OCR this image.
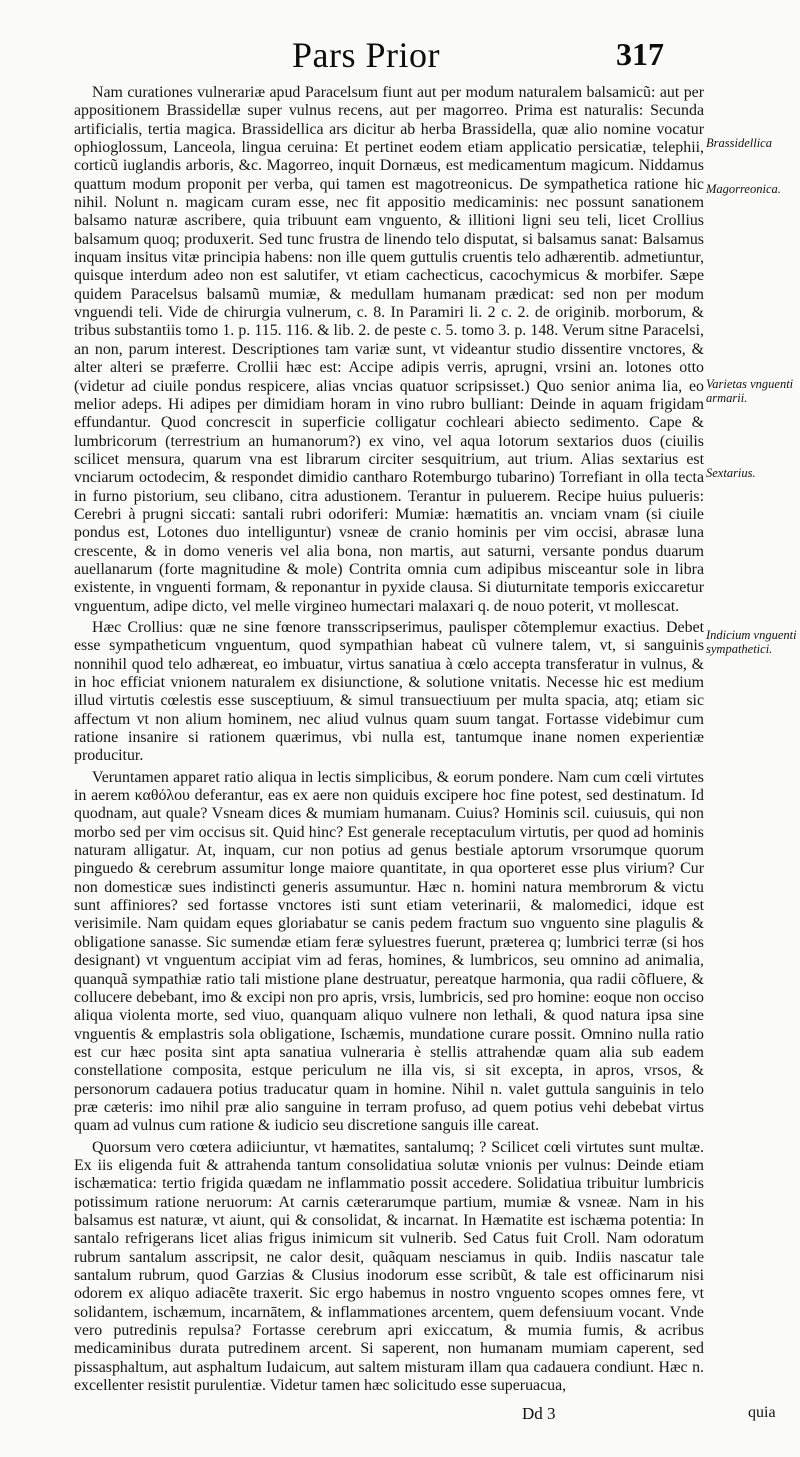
Pars Prior	317

Nam curationes vulnerariæ apud Paracelsum fiunt aut per modum naturalem balsamicũ: aut per appositionem Brassidellæ super vulnus recens, aut per magorreo. Prima est naturalis: Secunda artificialis, tertia magica. Brassidellica ars dicitur ab herba Brassidella, quæ alio nomine vocatur ophioglossum, Lanceola, lingua ceruina: Et pertinet eodem etiam applicatio persicatiæ, telephii, corticũ iuglandis arboris, &c. Magorreo, inquit Dornæus, est medicamentum magicum. Niddamus quattum modum proponit per verba, qui tamen est magotreonicus. De sympathetica ratione hic nihil. Nolunt n. magicam curam esse, nec fit appositio medicaminis: nec possunt sanationem balsamo naturæ ascribere, quia tribuunt eam vnguento, & illitioni ligni seu teli, licet Crollius balsamum quoq; produxerit. Sed tunc frustra de linendo telo disputat, si balsamus sanat: Balsamus inquam insitus vitæ principia habens: non ille quem guttulis cruentis telo adhærentib. admetiuntur, quisque interdum adeo non est salutifer, vt etiam cachecticus, cacochymicus & morbifer. Sæpe quidem Paracelsus balsamũ mumiæ, & medullam humanam prædicat: sed non per modum vnguendi teli. Vide de chirurgia vulnerum, c. 8. In Paramiri li. 2 c. 2. de originib. morborum, & tribus substantiis tomo 1. p. 115. 116. & lib. 2. de peste c. 5. tomo 3. p. 148. Verum sitne Paracelsi, an non, parum interest. Descriptiones tam variæ sunt, vt videantur studio dissentire vnctores, & alter alteri se præferre. Crollii hæc est: Accipe adipis verris, aprugni, vrsini an. lotones otto (videtur ad ciuile pondus respicere, alias vncias quatuor scripsisset.) Quo senior anima lia, eo melior adeps. Hi adipes per dimidiam horam in vino rubro bulliant: Deinde in aquam frigidam effundantur. Quod concrescit in superficie colligatur cochleari abiecto sedimento. Cape & lumbricorum (terrestrium an humanorum?) ex vino, vel aqua lotorum sextarios duos (ciuilis scilicet mensura, quarum vna est librarum circiter sesquitrium, aut trium. Alias sextarius est vnciarum octodecim, & respondet dimidio cantharo Rotemburgo tubarino) Torrefiant in olla tecta in furno pistorium, seu clibano, citra adustionem. Terantur in puluerem. Recipe huius pulueris: Cerebri à prugni siccati: santali rubri odoriferi: Mumiæ: hæmatitis an. vnciam vnam (si ciuile pondus est, Lotones duo intelliguntur) vsneæ de cranio hominis per vim occisi, abrasæ luna crescente, & in domo veneris vel alia bona, non martis, aut saturni, versante pondus duarum auellanarum (forte magnitudine & mole) Contrita omnia cum adipibus misceantur sole in libra existente, in vnguenti formam, & reponantur in pyxide clausa. Si diuturnitate temporis exiccaretur vnguentum, adipe dicto, vel melle virgineo humectari malaxari q. de nouo poterit, vt mollescat.

Hæc Crollius: quæ ne sine fœnore transscripserimus, paulisper cõtemplemur exactius. Debet esse sympatheticum vnguentum, quod sympathian habeat cũ vulnere talem, vt, si sanguinis nonnihil quod telo adhæreat, eo imbuatur, virtus sanatiua à cœlo accepta transferatur in vulnus, & in hoc efficiat vnionem naturalem ex disiunctione, & solutione vnitatis. Necesse hic est medium illud virtutis cœlestis esse susceptiuum, & simul transuectiuum per multa spacia, atq; etiam sic affectum vt non alium hominem, nec aliud vulnus quam suum tangat. Fortasse videbimur cum ratione insanire si rationem quærimus, vbi nulla est, tantumque inane nomen experientiæ producitur.

Veruntamen apparet ratio aliqua in lectis simplicibus, & eorum pondere. Nam cum cœli virtutes in aerem καθόλου deferantur, eas ex aere non quiduis excipere hoc fine potest, sed destinatum. Id quodnam, aut quale? Vsneam dices & mumiam humanam. Cuius? Hominis scil. cuiusuis, qui non morbo sed per vim occisus sit. Quid hinc? Est generale receptaculum virtutis, per quod ad hominis naturam alligatur. At, inquam, cur non potius ad genus bestiale aptorum vrsorumque quorum pinguedo & cerebrum assumitur longe maiore quantitate, in qua oporteret esse plus virium? Cur non domesticæ sues indistincti generis assumuntur. Hæc n. homini natura membrorum & victu sunt affiniores? sed fortasse vnctores isti sunt etiam veterinarii, & malomedici, idque est verisimile. Nam quidam eques gloriabatur se canis pedem fractum suo vnguento sine plagulis & obligatione sanasse. Sic sumendæ etiam feræ syluestres fuerunt, præterea q; lumbrici terræ (si hos designant) vt vnguentum accipiat vim ad feras, homines, & lumbricos, seu omnino ad animalia, quanquã sympathiæ ratio tali mistione plane destruatur, pereatque harmonia, qua radii cõfluere, & collucere debebant, imo & excipi non pro apris, vrsis, lumbricis, sed pro homine: eoque non occiso aliqua violenta morte, sed viuo, quanquam aliquo vulnere non lethali, & quod natura ipsa sine vnguentis & emplastris sola obligatione, Ischæmis, mundatione curare possit. Omnino nulla ratio est cur hæc posita sint apta sanatiua vulneraria è stellis attrahendæ quam alia sub eadem constellatione composita, estque periculum ne illa vis, si sit excepta, in apros, vrsos, & personorum cadauera potius traducatur quam in homine. Nihil n. valet guttula sanguinis in telo præ cæteris: imo nihil præ alio sanguine in terram profuso, ad quem potius vehi debebat virtus quam ad vulnus cum ratione & iudicio seu discretione sanguis ille careat.

Quorsum vero cœtera adiiciuntur, vt hæmatites, santalumq; ? Scilicet cœli virtutes sunt multæ. Ex iis eligenda fuit & attrahenda tantum consolidatiua solutæ vnionis per vulnus: Deinde etiam ischæmatica: tertio frigida quædam ne inflammatio possit accedere. Solidatiua tribuitur lumbricis potissimum ratione neruorum: At carnis cæterarumque partium, mumiæ & vsneæ. Nam in his balsamus est naturæ, vt aiunt, qui & consolidat, & incarnat. In Hæmatite est ischæma potentia: In santalo refrigerans licet alias frigus inimicum sit vulnerib. Sed Catus fuit Croll. Nam odoratum rubrum santalum asscripsit, ne calor desit, quãquam nesciamus in quib. Indiis nascatur tale santalum rubrum, quod Garzias & Clusius inodorum esse scribũt, & tale est officinarum nisi odorem ex aliquo adiacẽte traxerit. Sic ergo habemus in nostro vnguento scopes omnes fere, vt solidantem, ischæmum, incarnātem, & inflammationes arcentem, quem defensiuum vocant. Vnde vero putredinis repulsa? Fortasse cerebrum apri exiccatum, & mumia fumis, & acribus medicaminibus durata putredinem arcent. Si saperent, non humanam mumiam caperent, sed pissasphaltum, aut asphaltum Iudaicum, aut saltem misturam illam qua cadauera condiunt. Hæc n. excellenter resistit purulentiæ. Videtur tamen hæc solicitudo esse superuacua,

Brassidellica
Magorreonica.
Varietas vnguenti armarii.
Sextarius.
Indicium vnguenti sympathetici.
Dd 3	quia
